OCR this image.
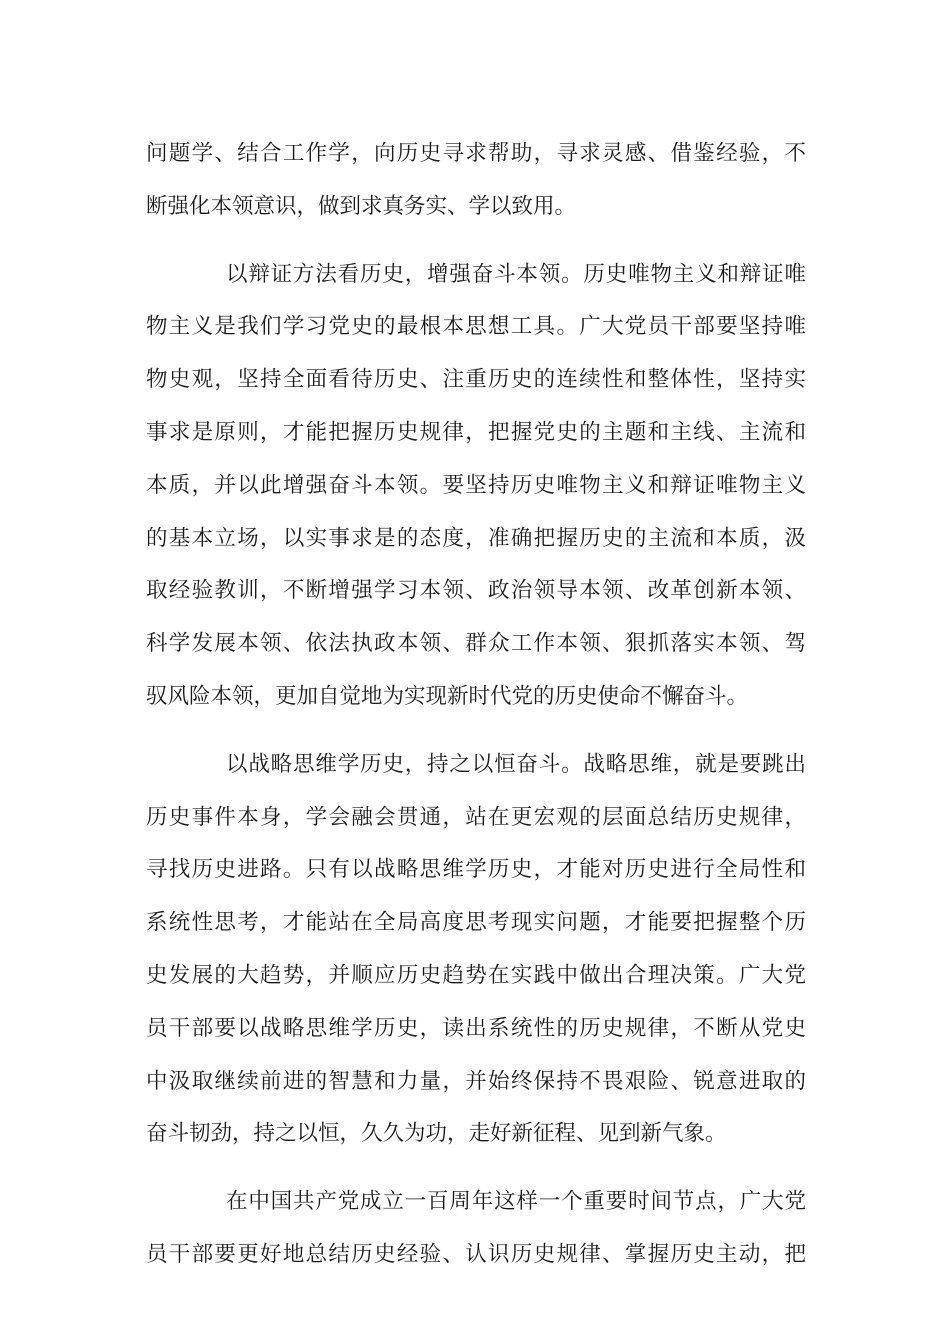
问题学、结合工作学，向历史寻求帮助，寻求灵感、借鉴经验，不
断强化本领意识，做到求真务实、学以致用。
以辩证方法看历史，增强奋斗本领。历史唯物主义和辩证唯
物主义是我们学习党史的最根本思想工具。广大党员干部要坚持唯
物史观，坚持全面看待历史、注重历史的连续性和整体性，坚持实
事求是原则，才能把握历史规律，把握党史的主题和主线、主流和
本质，并以此增强奋斗本领。要坚持历史唯物主义和辩证唯物主义
的基本立场，以实事求是的态度，准确把握历史的主流和本质，汲
取经验教训，不断增强学习本领、政治领导本领、改革创新本领、
科学发展本领、依法执政本领、群众工作本领、狠抓落实本领、驾
驭风险本领，更加自觉地为实现新时代党的历史使命不懈奋斗。
以战略思维学历史，持之以恒奋斗。战略思维，就是要跳出
历史事件本身，学会融会贯通，站在更宏观的层面总结历史规律，
寻找历史进路。只有以战略思维学历史，才能对历史进行全局性和
系统性思考，才能站在全局高度思考现实问题，才能要把握整个历
史发展的大趋势，并顺应历史趋势在实践中做出合理决策。广大党
员干部要以战略思维学历史，读出系统性的历史规律，不断从党史
中汲取继续前进的智慧和力量，并始终保持不畏艰险、锐意进取的
奋斗韧劲，持之以恒，久久为功，走好新征程、见到新气象。
在中国共产党成立一百周年这样一个重要时间节点，广大党
员干部要更好地总结历史经验、认识历史规律、掌握历史主动，把
